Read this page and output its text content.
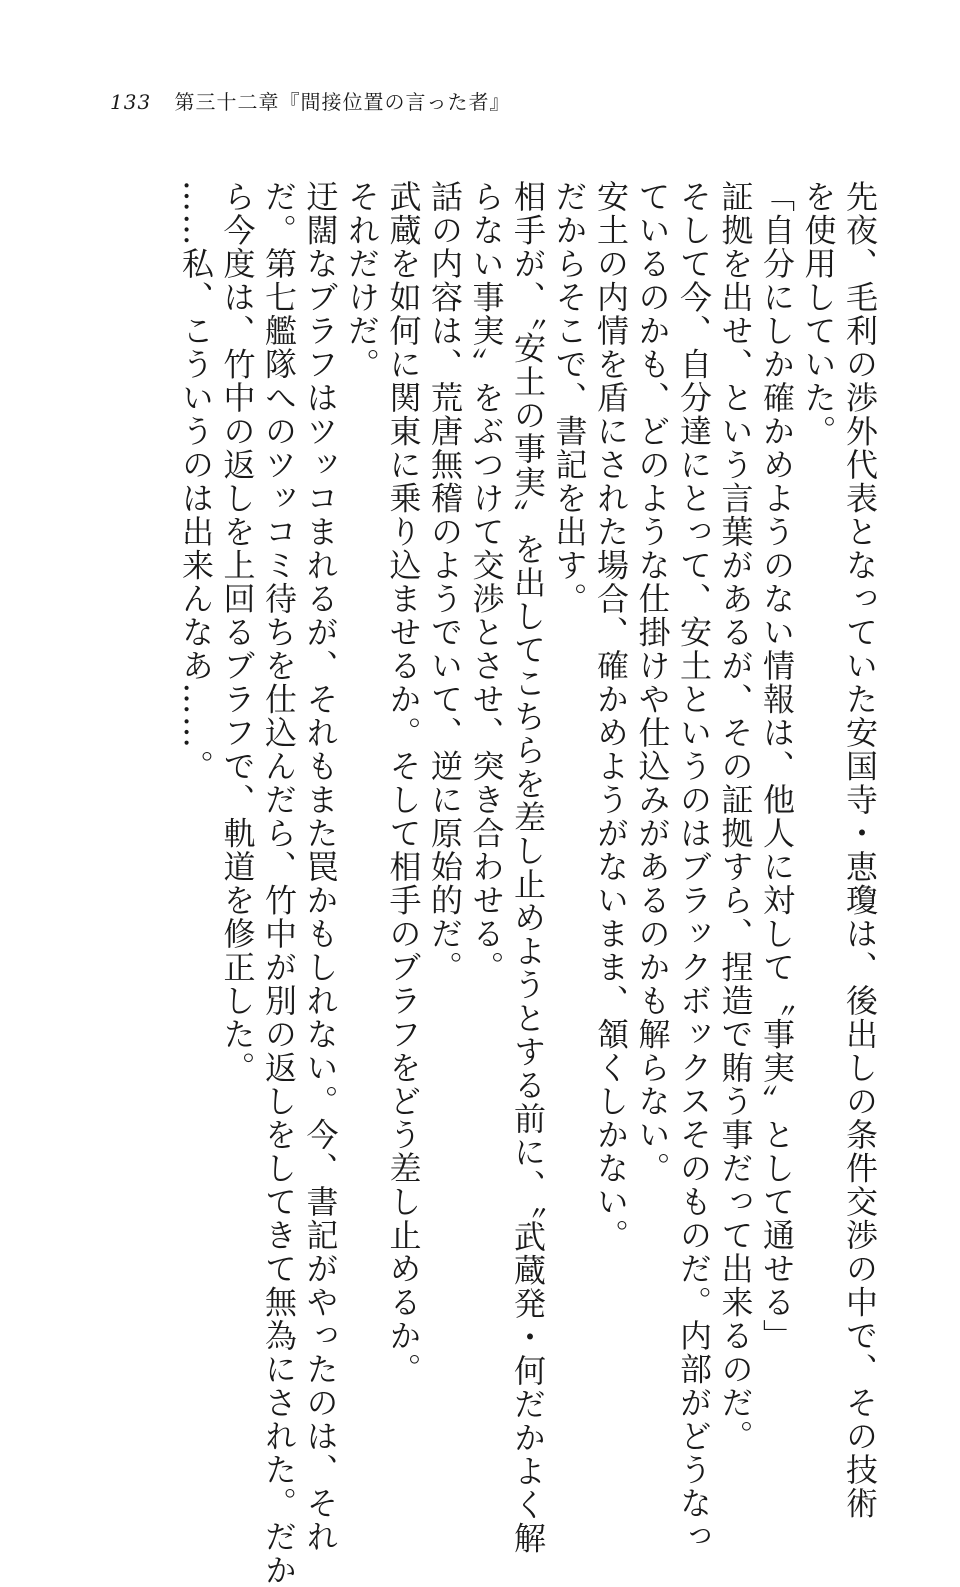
133 第三十二章『間接位置の言った者』

先夜、毛利の渉外代表となっていた安国寺・恵瓊は、後出しの条件交渉の中で、その技術

を使用していた。

「自分にしか確かめようのない情報は、他人に対して〝事実〟として通せる」

証拠を出せ、という言葉があるが、その証拠すら、捏造で賄う事だって出来るのだ。

そして今、自分達にとって、安土というのはブラックボックスそのものだ。内部がどうなっ

ているのかも、どのような仕掛けや仕込みがあるのかも解らない。

安土の内情を盾にされた場合、確かめようがないまま、頷くしかない。

だからそこで、書記を出す。

相手が、〝安土の事実〟を出してこちらを差し止めようとする前に、〝武蔵発・何だかよく解

らない事実〟をぶつけて交渉とさせ、突き合わせる。

話の内容は、荒唐無稽のようでいて、逆に原始的だ。

武蔵を如何に関東に乗り込ませるか。そして相手のブラフをどう差し止めるか。

それだけだ。

迂闊なブラフはツッコまれるが、それもまた罠かもしれない。今、書記がやったのは、それ

だ。第七艦隊へのツッコミ待ちを仕込んだら、竹中が別の返しをしてきて無為にされた。だか

ら今度は、竹中の返しを上回るブラフで、軌道を修正した。

……私、こういうのは出来んなあ……。
